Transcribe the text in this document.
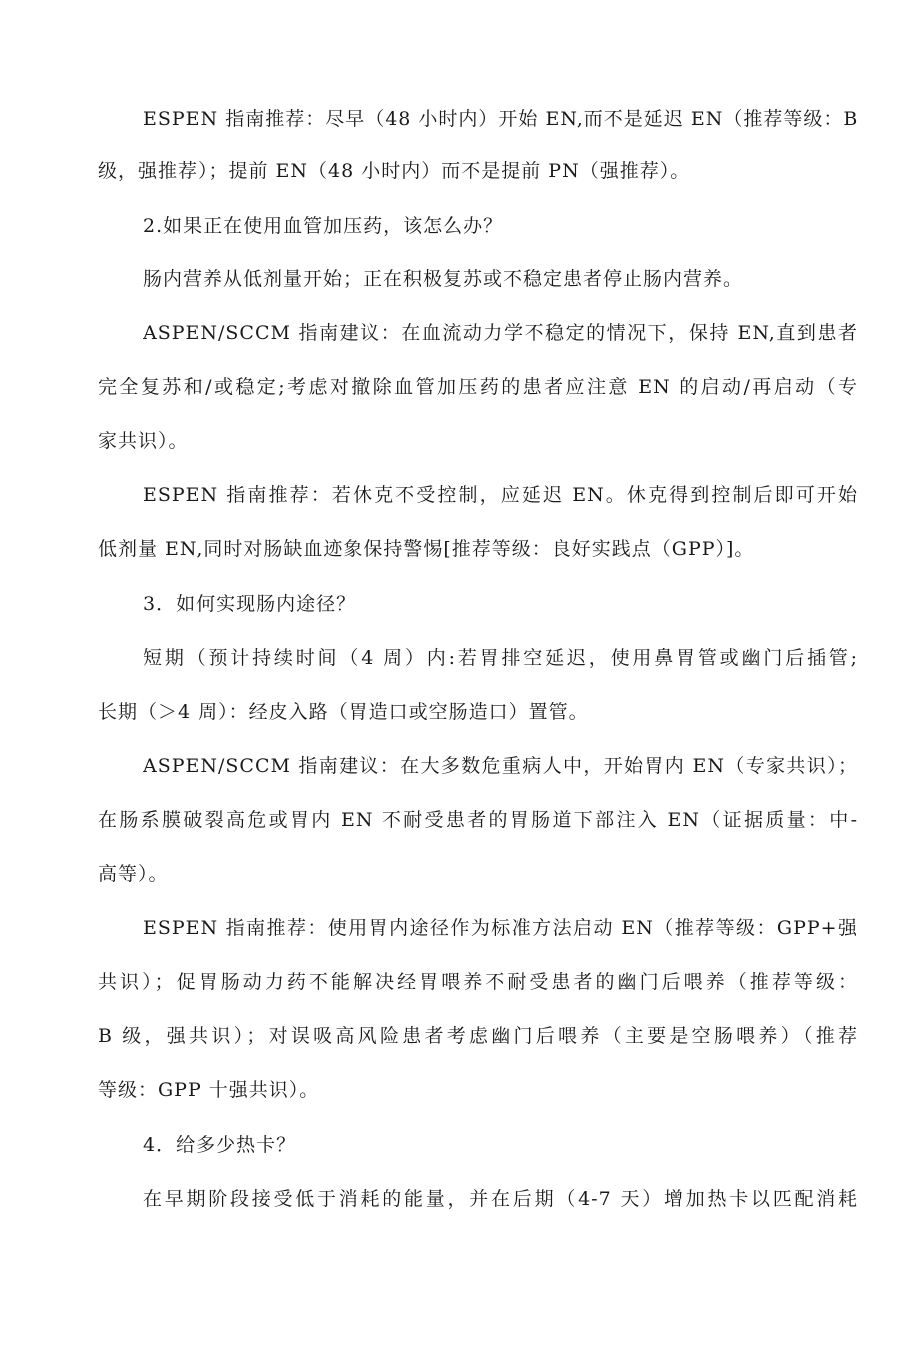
ESPEN 指南推荐：尽早（48 小时内）开始 EN,而不是延迟 EN（推荐等级：B
级，强推荐）；提前 EN（48 小时内）而不是提前 PN（强推荐）。
2.如果正在使用血管加压药，该怎么办？
肠内营养从低剂量开始；正在积极复苏或不稳定患者停止肠内营养。
ASPEN/SCCM 指南建议：在血流动力学不稳定的情况下，保持 EN,直到患者
完全复苏和/或稳定;考虑对撤除血管加压药的患者应注意 EN 的启动/再启动（专
家共识）。
ESPEN 指南推荐：若休克不受控制，应延迟 EN。休克得到控制后即可开始
低剂量 EN,同时对肠缺血迹象保持警惕[推荐等级：良好实践点（GPP）]。
3．如何实现肠内途径？
短期（预计持续时间（4 周）内:若胃排空延迟，使用鼻胃管或幽门后插管;
长期（＞4 周）：经皮入路（胃造口或空肠造口）置管。
ASPEN/SCCM 指南建议：在大多数危重病人中，开始胃内 EN（专家共识）；
在肠系膜破裂高危或胃内 EN 不耐受患者的胃肠道下部注入 EN（证据质量：中-
高等）。
ESPEN 指南推荐：使用胃内途径作为标准方法启动 EN（推荐等级：GPP+强
共识）；促胃肠动力药不能解决经胃喂养不耐受患者的幽门后喂养（推荐等级：
B 级，强共识）；对误吸高风险患者考虑幽门后喂养（主要是空肠喂养）（推荐
等级：GPP 十强共识）。
4．给多少热卡？
在早期阶段接受低于消耗的能量，并在后期（4-7 天）增加热卡以匹配消耗
